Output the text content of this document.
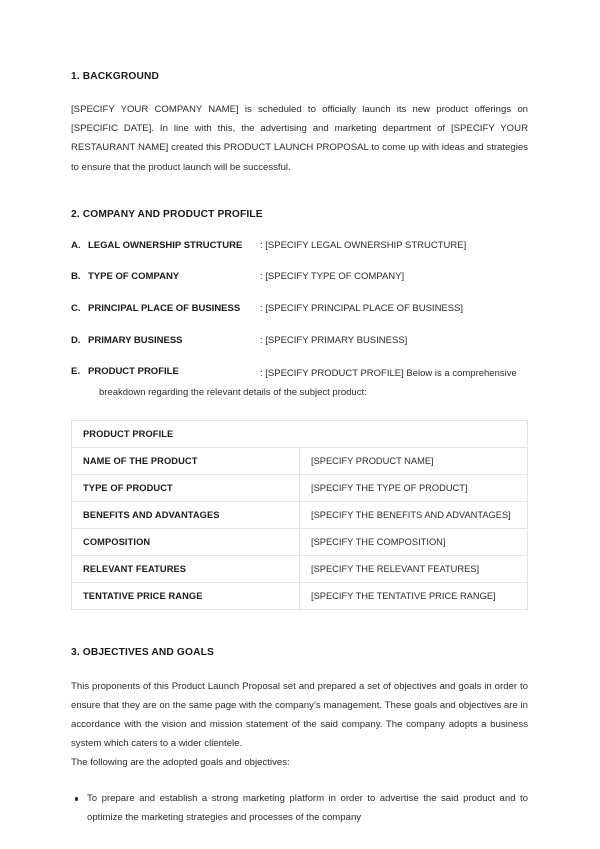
1. BACKGROUND

[SPECIFY YOUR COMPANY NAME] is scheduled to officially launch its new product offerings on [SPECIFIC DATE]. In line with this, the advertising and marketing department of [SPECIFY YOUR RESTAURANT NAME] created this PRODUCT LAUNCH PROPOSAL to come up with ideas and strategies to ensure that the product launch will be successful.

2. COMPANY AND PRODUCT PROFILE
A. LEGAL OWNERSHIP STRUCTURE	: [SPECIFY LEGAL OWNERSHIP STRUCTURE]
B. TYPE OF COMPANY	: [SPECIFY TYPE OF COMPANY]
C. PRINCIPAL PLACE OF BUSINESS	: [SPECIFY PRINCIPAL PLACE OF BUSINESS]
D. PRIMARY BUSINESS	: [SPECIFY PRIMARY BUSINESS]
E. PRODUCT PROFILE	: [SPECIFY PRODUCT PROFILE] Below is a comprehensive
breakdown regarding the relevant details of the subject product:
PRODUCT PROFILE	
NAME OF THE PRODUCT	[SPECIFY PRODUCT NAME]
TYPE OF PRODUCT	[SPECIFY THE TYPE OF PRODUCT]
BENEFITS AND ADVANTAGES	[SPECIFY THE BENEFITS AND ADVANTAGES]
COMPOSITION	[SPECIFY THE COMPOSITION]
RELEVANT FEATURES	[SPECIFY THE RELEVANT FEATURES]
TENTATIVE PRICE RANGE	[SPECIFY THE TENTATIVE PRICE RANGE]
3. OBJECTIVES AND GOALS

This proponents of this Product Launch Proposal set and prepared a set of objectives and goals in order to ensure that they are on the same page with the company’s management. These goals and objectives are in accordance with the vision and mission statement of the said company. The company adopts a business system which caters to a wider clientele.

The following are the adopted goals and objectives:

To prepare and establish a strong marketing platform in order to advertise the said product and to optimize the marketing strategies and processes of the company
